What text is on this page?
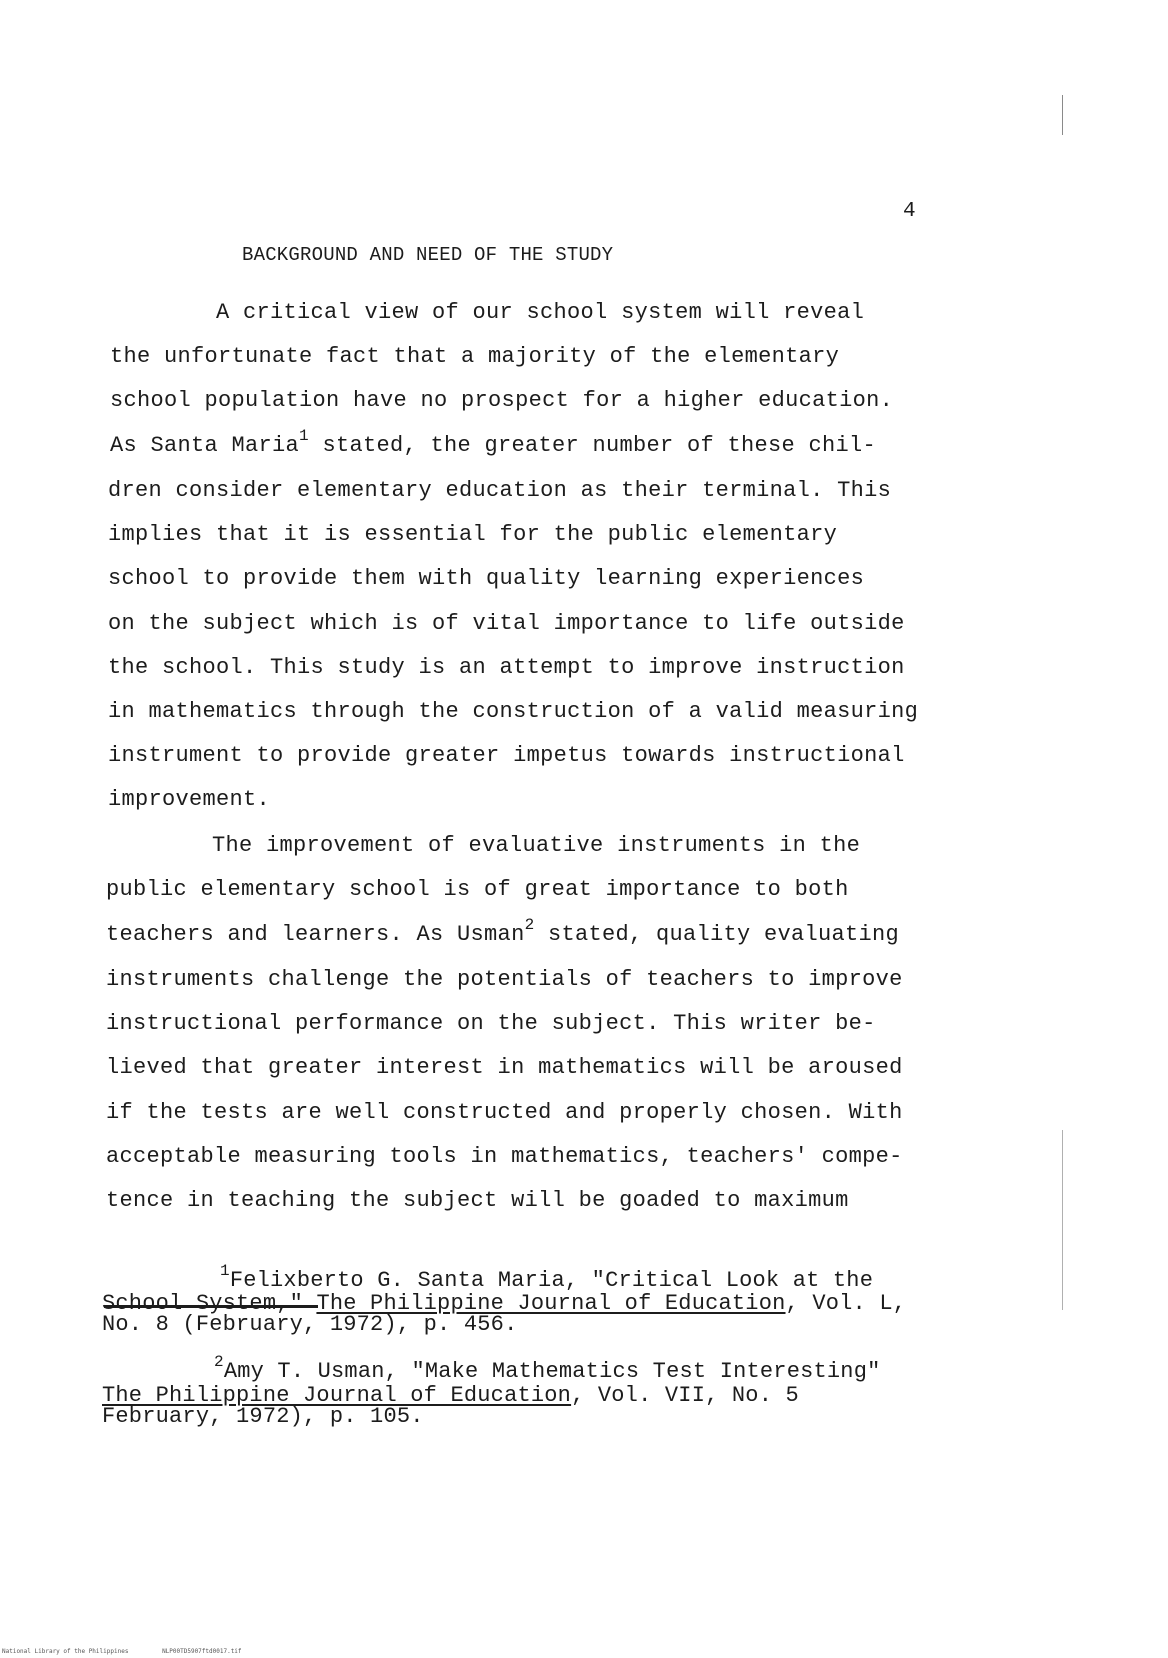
4
BACKGROUND AND NEED OF THE STUDY
A critical view of our school system will reveal
the unfortunate fact that a majority of the elementary
school population have no prospect for a higher education.
As Santa Maria$^1$ stated, the greater number of these chil-
dren consider elementary education as their terminal. This
implies that it is essential for the public elementary
school to provide them with quality learning experiences
on the subject which is of vital importance to life outside
the school. This study is an attempt to improve instruction
in mathematics through the construction of a valid measuring
instrument to provide greater impetus towards instructional
improvement.
The improvement of evaluative instruments in the
public elementary school is of great importance to both
teachers and learners. As Usman$^2$ stated, quality evaluating
instruments challenge the potentials of teachers to improve
instructional performance on the subject. This writer be-
lieved that greater interest in mathematics will be aroused
if the tests are well constructed and properly chosen. With
acceptable measuring tools in mathematics, teachers' compe-
tence in teaching the subject will be goaded to maximum
$^1$Felixberto G. Santa Maria, "Critical Look at the
School System," The Philippine Journal of Education, Vol. L,
No. 8 (February, 1972), p. 456.
$^2$Amy T. Usman, "Make Mathematics Test Interesting"
The Philippine Journal of Education, Vol. VII, No. 5
February, 1972), p. 105.
National Library of the Philippines	NLP00TD5907ftd0017.tif
